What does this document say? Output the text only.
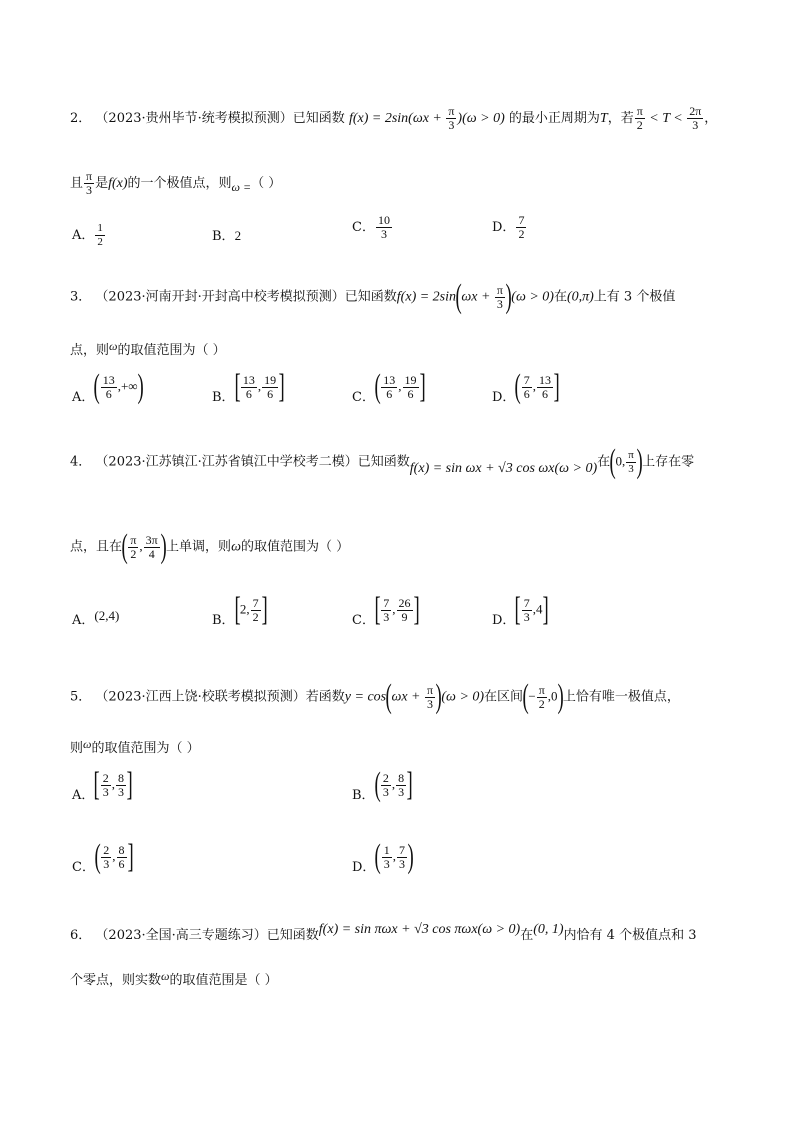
2． （2023·贵州毕节·统考模拟预测）已知函数 $f(x) = 2\sin(\omega x + \frac{\pi}{3} )(\omega > 0)$ 的最小正周期为T，若 $\frac{\pi}{2} < T < \frac{2\pi}{3}$ ，
且 $\frac{\pi}{3}$ 是f(x)的一个极值点，则ω =（ ）
A． $\frac{1}{2}$	B．2
C． $\frac{10}{3}$	D． $\frac{7}{2}$
3． （2023·河南开封·开封高中校考模拟预测）已知函数$f(x) = 2\sin(\omega x + \frac{\pi}{3} )(\omega > 0)$在(0,π)上有 3 个极值
点，则ω的取值范围为（ ）
A．( $\frac{13}{6}$ ,+∞)	B．[ $\frac{13}{6}$ , $\frac{19}{6}$ ]	C．( $\frac{13}{6}$ , $\frac{19}{6}$ ]	D．( $\frac{7}{6}$ , $\frac{13}{6}$ ]
4． （2023·江苏镇江·江苏省镇江中学校考二模）已知函数f(x) = sin ωx + √3 cos ωx(ω > 0)在(0, $\frac{\pi}{3}$ )上存在零
点，且在( $\frac{\pi}{2}$ , $\frac{3\pi}{4}$ )上单调，则ω的取值范围为（ ）
A．(2,4)	B．[2, $\frac{7}{2}$ ]	C．[ $\frac{7}{3}$ , $\frac{26}{9}$ ]	D．[ $\frac{7}{3} ,4$]
5． （2023·江西上饶·校联考模拟预测）若函数$y = \cos(\omega x + \frac{\pi}{3} )(\omega > 0)$在区间(− $\frac{\pi}{2} ,0$)上恰有唯一极值点，
则ω的取值范围为（ ）
A．[ $\frac{2}{3}$ , $\frac{8}{3}$ ]	B．( $\frac{2}{3}$ , $\frac{8}{3}$ ]
C．( $\frac{2}{3}$ , $\frac{8}{6}$ ]	D．( $\frac{1}{3}$ , $\frac{7}{3}$ )
6． （2023·全国·高三专题练习）已知函数f(x) = sin πωx + √3 cos πωx(ω > 0)在(0, 1)内恰有 4 个极值点和 3
个零点，则实数ω的取值范围是（ ）
